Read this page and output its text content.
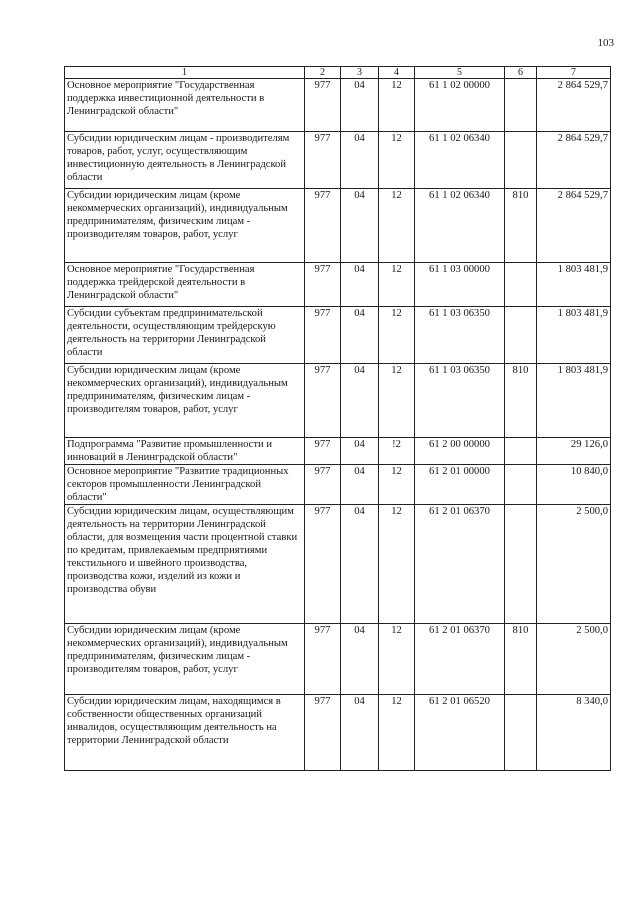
103
1	2	3	4	5	6	7
Основное мероприятие "Государственная поддержка инвестиционной деятельности в Ленинградской области"	977	04	12	61 1 02 00000		2 864 529,7
Субсидии юридическим лицам - производителям товаров, работ, услуг, осуществляющим инвестиционную деятельность в Ленинградской области	977	04	12	61 1 02 06340		2 864 529,7
Субсидии юридическим лицам (кроме некоммерческих организаций), индивидуальным предпринимателям, физическим лицам - производителям товаров, работ, услуг	977	04	12	61 1 02 06340	810	2 864 529,7
Основное мероприятие "Государственная поддержка трейдерской деятельности в Ленинградской области"	977	04	12	61 1 03 00000		1 803 481,9
Субсидии субъектам предпринимательской деятельности, осуществляющим трейдерскую деятельность на территории Ленинградской области	977	04	12	61 1 03 06350		1 803 481,9
Субсидии юридическим лицам (кроме некоммерческих организаций), индивидуальным предпринимателям, физическим лицам - производителям товаров, работ, услуг	977	04	12	61 1 03 06350	810	1 803 481,9
Подпрограмма "Развитие промышленности и инноваций в Ленинградской области"	977	04	!2	61 2 00 00000		29 126,0
Основное мероприятие "Развитие традиционных секторов промышленности Ленинградской области"	977	04	12	61 2 01 00000		10 840,0
Субсидии юридическим лицам, осуществляющим деятельность на территории Ленинградской области, для возмещения части процентной ставки по кредитам, привлекаемым предприятиями текстильного и швейного производства, производства кожи, изделий из кожи и производства обуви	977	04	12	61 2 01 06370		2 500,0
Субсидии юридическим лицам (кроме некоммерческих организаций), индивидуальным предпринимателям, физическим лицам - производителям товаров, работ, услуг	977	04	12	61 2 01 06370	810	2 500,0
Субсидии юридическим лицам, находящимся в собственности общественных организаций инвалидов, осуществляющим деятельность на территории Ленинградской области	977	04	12	61 2 01 06520		8 340,0
